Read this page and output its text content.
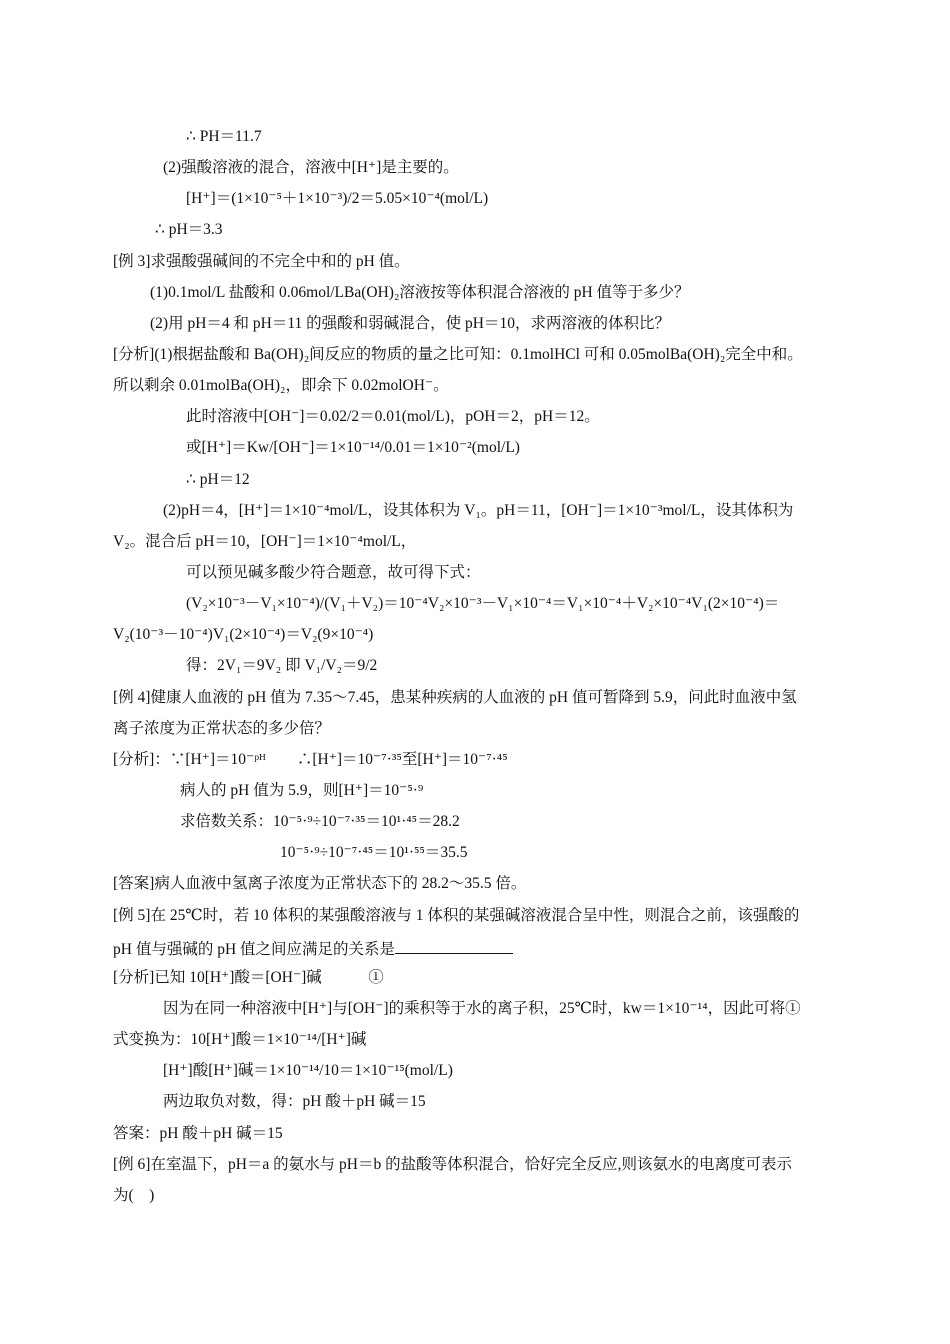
∴ PH＝11.7
(2)强酸溶液的混合，溶液中[H⁺]是主要的。
[H⁺]＝(1×10⁻⁵＋1×10⁻³)/2＝5.05×10⁻⁴(mol/L)
∴ pH＝3.3
[例 3]求强酸强碱间的不完全中和的 pH 值。
(1)0.1mol/L 盐酸和 0.06mol/LBa(OH)₂溶液按等体积混合溶液的 pH 值等于多少？
(2)用 pH＝4 和 pH＝11 的强酸和弱碱混合，使 pH＝10，求两溶液的体积比？
[分析](1)根据盐酸和 Ba(OH)₂间反应的物质的量之比可知：0.1molHCl 可和 0.05molBa(OH)₂完全中和。
所以剩余 0.01molBa(OH)₂，即余下 0.02molOH⁻。
此时溶液中[OH⁻]＝0.02/2＝0.01(mol/L)，pOH＝2，pH＝12。
或[H⁺]＝Kw/[OH⁻]＝1×10⁻¹⁴/0.01＝1×10⁻²(mol/L)
∴ pH＝12
(2)pH＝4，[H⁺]＝1×10⁻⁴mol/L，设其体积为 V₁。pH＝11，[OH⁻]＝1×10⁻³mol/L，设其体积为
V₂。混合后 pH＝10，[OH⁻]＝1×10⁻⁴mol/L，
可以预见碱多酸少符合题意，故可得下式：
(V₂×10⁻³－V₁×10⁻⁴)/(V₁＋V₂)＝10⁻⁴V₂×10⁻³－V₁×10⁻⁴＝V₁×10⁻⁴＋V₂×10⁻⁴V₁(2×10⁻⁴)＝
V₂(10⁻³－10⁻⁴)V₁(2×10⁻⁴)＝V₂(9×10⁻⁴)
得：2V₁＝9V₂ 即 V₁/V₂＝9/2
[例 4]健康人血液的 pH 值为 7.35～7.45，患某种疾病的人血液的 pH 值可暂降到 5.9，问此时血液中氢
离子浓度为正常状态的多少倍？
[分析]：∵[H⁺]＝10⁻ᵖᴴ　　∴[H⁺]＝10⁻⁷·³⁵至[H⁺]＝10⁻⁷·⁴⁵
病人的 pH 值为 5.9，则[H⁺]＝10⁻⁵·⁹
求倍数关系：10⁻⁵·⁹÷10⁻⁷·³⁵＝10¹·⁴⁵＝28.2
10⁻⁵·⁹÷10⁻⁷·⁴⁵＝10¹·⁵⁵＝35.5
[答案]病人血液中氢离子浓度为正常状态下的 28.2～35.5 倍。
[例 5]在 25℃时，若 10 体积的某强酸溶液与 1 体积的某强碱溶液混合呈中性，则混合之前，该强酸的
pH 值与强碱的 pH 值之间应满足的关系是
[分析]已知 10[H⁺]酸＝[OH⁻]碱　　　①
因为在同一种溶液中[H⁺]与[OH⁻]的乘积等于水的离子积，25℃时，kw＝1×10⁻¹⁴，因此可将①
式变换为：10[H⁺]酸＝1×10⁻¹⁴/[H⁺]碱
[H⁺]酸[H⁺]碱＝1×10⁻¹⁴/10＝1×10⁻¹⁵(mol/L)
两边取负对数，得：pH 酸＋pH 碱＝15
答案：pH 酸＋pH 碱＝15
[例 6]在室温下，pH＝a 的氨水与 pH＝b 的盐酸等体积混合，恰好完全反应,则该氨水的电离度可表示
为(　)
